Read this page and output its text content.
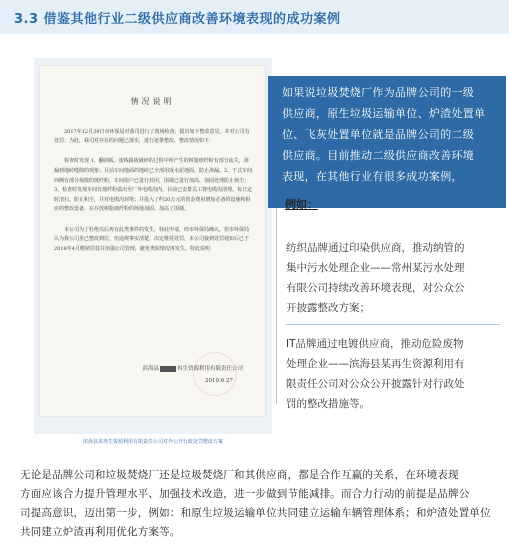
3.3 借鉴其他行业二级供应商改善环境表现的成功案例
情况说明

2017年12月29日市环保局对我司进行了现场检查，提出如下整改意见，并对公司有处罚；为此，我司对存在的问题已落实，进行逐条整改，整改情况如下：

检查时发现 1、翻洞板、废线路板破碎的过程中所产生的树脂玻纤粉有部分流失，渗漏到地砖缝隙的现象；目前车间地面的地砖已全部用成水泥地面，防止渗漏。2、干式车间西侧有部分扬散的玻纤粉，车间窗户已进行封闭，围墙已进行加高，加固处理防止扬尘；3、检查时发现车间有玻纤粉溢出至厂外电缆沟内，目前已安排员工将电缆沟清理，每日定时清扫，防止积尘，并对电缆沟封堵；并投入了约20万元的资金费用增加必备的设施和相应的整改设备，在存放树脂玻纤粉的场地加固、加高了围墙。

本公司为了杜绝以后再有此类事件的发生，特此申请，经市环保局确认，但市环保局认为我公司虽已整改到位，但违规事实清楚，决定维持处罚，本公司接到处罚通知后已于2018年4月缴纳罚款并加强公司管理，避免类似情况再发生。特此说明

滨海县	再生资源利用有限责任公司
2019.6.27
滨海县某再生资源利用有限责任公司对外公开行政处罚整改方案
如果说垃圾焚烧厂作为品牌公司的一级
供应商，原生垃圾运输单位、炉渣处置单
位、飞灰处置单位就是品牌公司的二级
供应商。目前推动二级供应商改善环境
表现，在其他行业有很多成功案例，
例如：
纺织品牌通过印染供应商，推动纳管的
集中污水处理企业——常州某污水处理
有限公司持续改善环境表现，对公众公
开披露整改方案；
IT品牌通过电镀供应商，推动危险废物
处理企业——滨海县某再生资源利用有
限责任公司对公众公开披露针对行政处
罚的整改措施等。
无论是品牌公司和垃圾焚烧厂还是垃圾焚烧厂和其供应商，都是合作互赢的关系，在环境表现
方面应该合力提升管理水平、加强技术改造，进一步做到节能减排。而合力行动的前提是品牌公
司提高意识，迈出第一步，例如：和原生垃圾运输单位共同建立运输车辆管理体系；和炉渣处置单位
共同建立炉渣再利用优化方案等。
